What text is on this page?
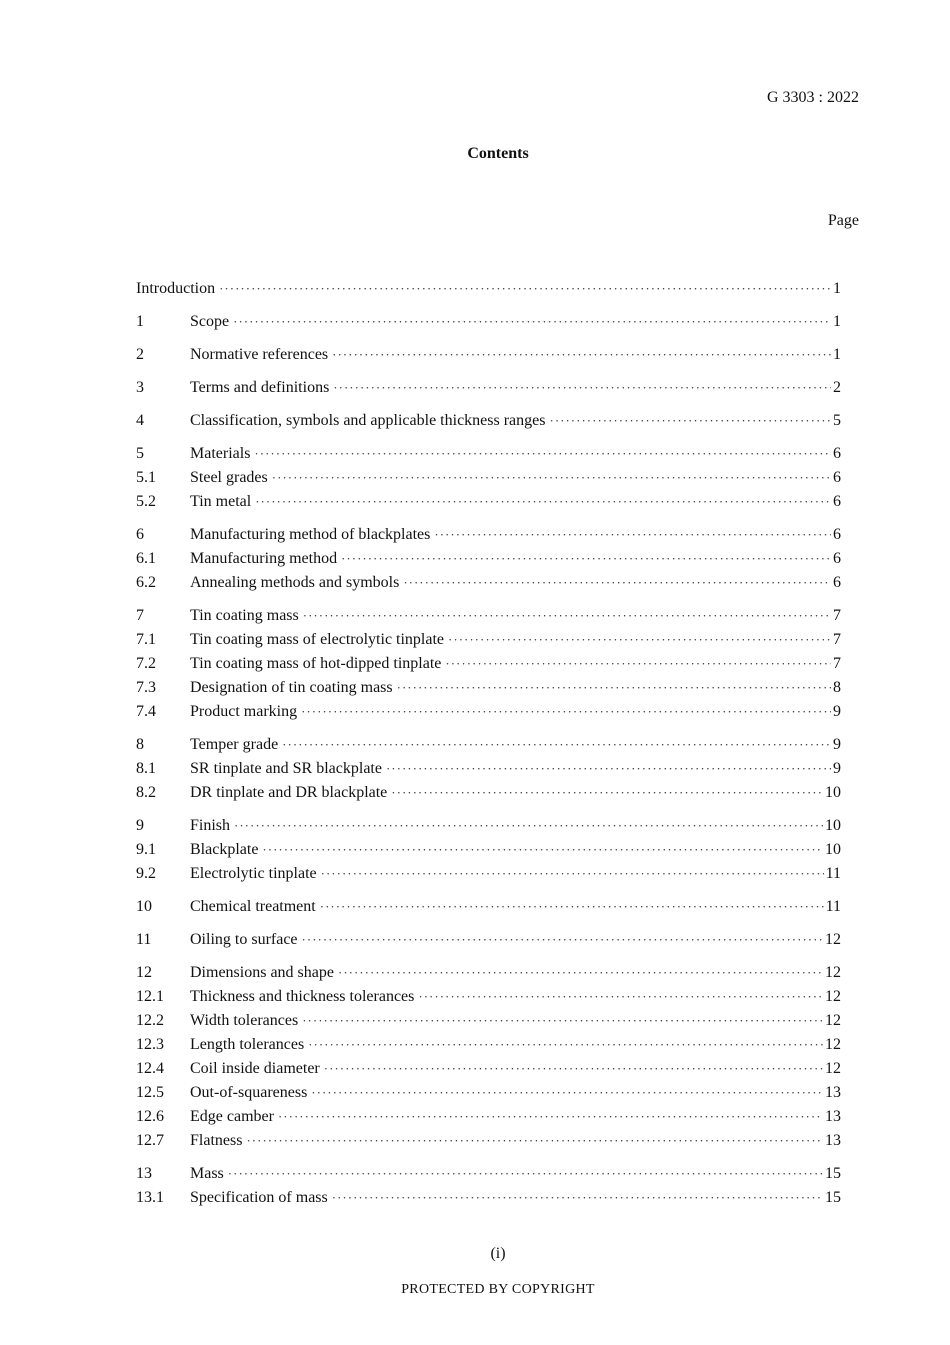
G 3303 : 2022
Contents
Page
Introduction ·····	1
1	Scope ·····	1
2	Normative references ·····	1
3	Terms and definitions ·····	2
4	Classification, symbols and applicable thickness ranges ·····	5
5	Materials ·····	6
5.1	Steel grades ·····	6
5.2	Tin metal ·····	6
6	Manufacturing method of blackplates ·····	6
6.1	Manufacturing method ·····	6
6.2	Annealing methods and symbols ·····	6
7	Tin coating mass ·····	7
7.1	Tin coating mass of electrolytic tinplate ·····	7
7.2	Tin coating mass of hot-dipped tinplate ·····	7
7.3	Designation of tin coating mass ·····	8
7.4	Product marking ·····	9
8	Temper grade ·····	9
8.1	SR tinplate and SR blackplate ·····	9
8.2	DR tinplate and DR blackplate ·····	10
9	Finish ·····	10
9.1	Blackplate ·····	10
9.2	Electrolytic tinplate ·····	11
10	Chemical treatment ·····	11
11	Oiling to surface ·····	12
12	Dimensions and shape ·····	12
12.1	Thickness and thickness tolerances ·····	12
12.2	Width tolerances ·····	12
12.3	Length tolerances ·····	12
12.4	Coil inside diameter ·····	12
12.5	Out-of-squareness ·····	13
12.6	Edge camber ·····	13
12.7	Flatness ·····	13
13	Mass ·····	15
13.1	Specification of mass ·····	15
(i)
PROTECTED BY COPYRIGHT
